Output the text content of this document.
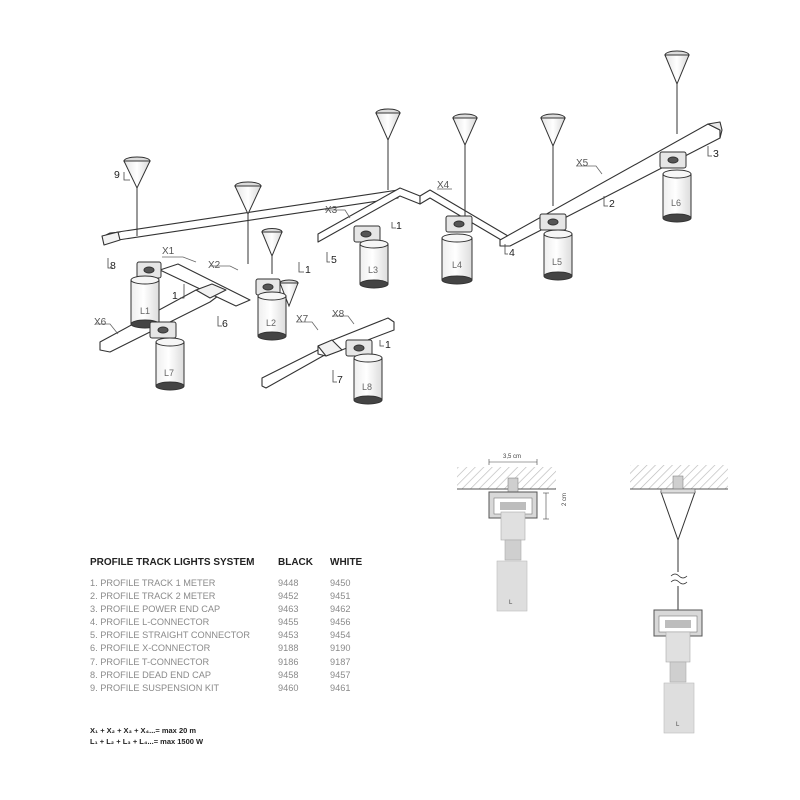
L1
L2
L3	L4	L5
L6
L7
L8
X1
X2
X3
X4
X5
X6	X7 X8
1
1
1
1
2
3
4
5
6
7
8
9
3,5 cm
2 cm
L
L
PROFILE TRACK LIGHTS SYSTEM	BLACK	WHITE
1. PROFILE TRACK 1 METER	9448	9450
2. PROFILE TRACK 2 METER	9452	9451
3. PROFILE POWER END CAP	9463	9462
4. PROFILE L-CONNECTOR	9455	9456
5. PROFILE STRAIGHT CONNECTOR	9453	9454
6. PROFILE X-CONNECTOR	9188	9190
7. PROFILE T-CONNECTOR	9186	9187
8. PROFILE DEAD END CAP	9458	9457
9. PROFILE SUSPENSION KIT	9460	9461
X₁ + X₂ + X₃ + X₄...= max 20 m
L₁ + L₂ + L₃ + L₄...= max 1500 W
